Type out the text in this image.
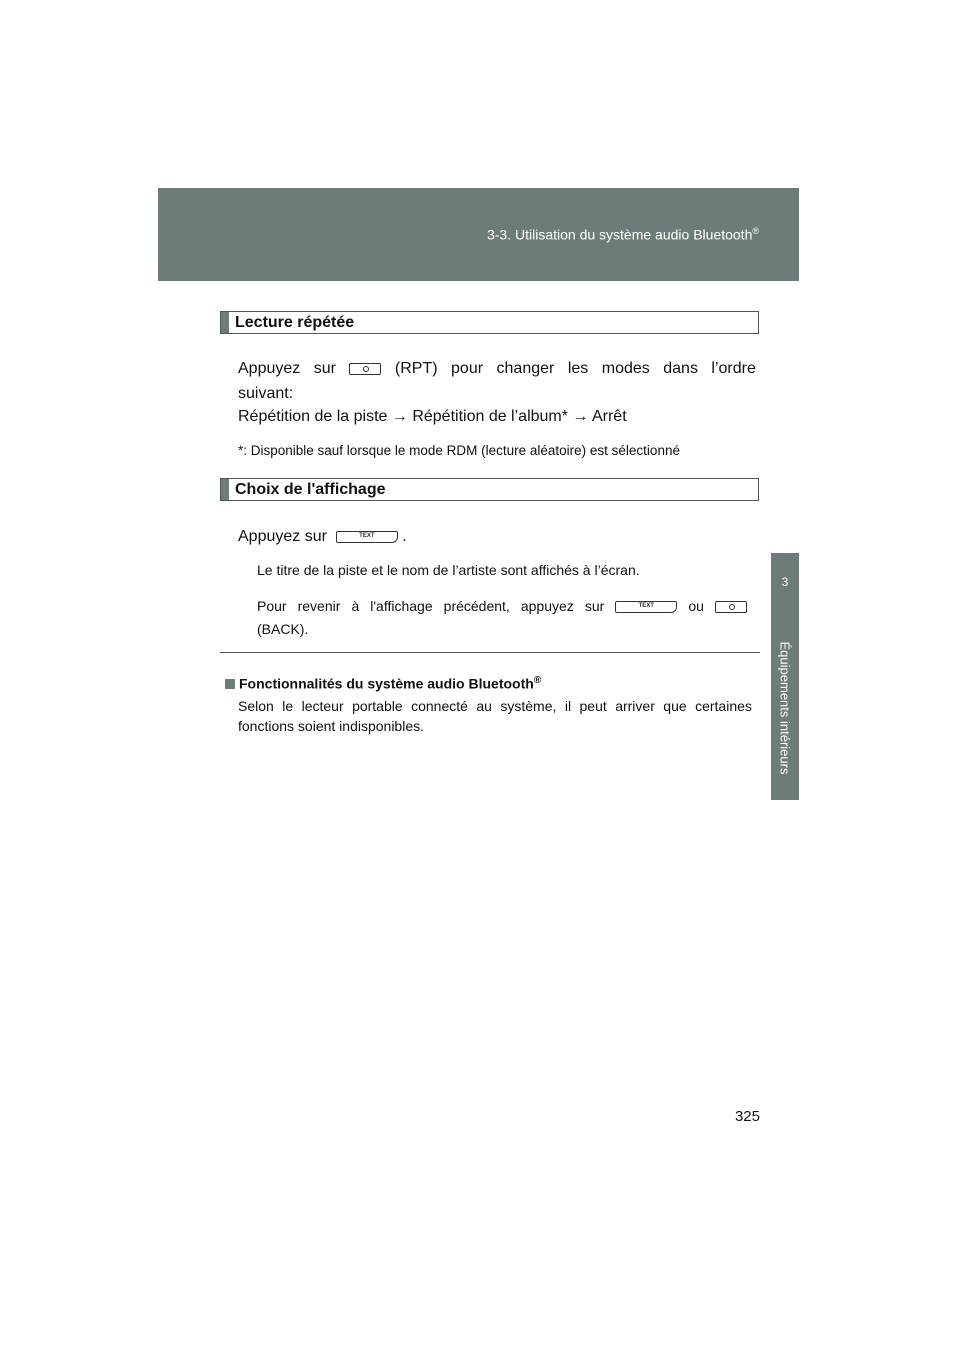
3-3. Utilisation du système audio Bluetooth®
3
Équipements intérieurs
Lecture répétée
Appuyez sur	(RPT) pour changer les modes dans l’ordre
suivant:
Répétition de la piste → Répétition de l’album* → Arrêt
*: Disponible sauf lorsque le mode RDM (lecture aléatoire) est sélectionné
Choix de l'affichage
Appuyez sur	TEXT	.
Le titre de la piste et le nom de l’artiste sont affichés à l’écran.
Pour revenir à l'affichage précédent, appuyez sur	TEXT	ou
(BACK).
Fonctionnalités du système audio Bluetooth®
Selon le lecteur portable connecté au système, il peut arriver que certaines
fonctions soient indisponibles.
325
